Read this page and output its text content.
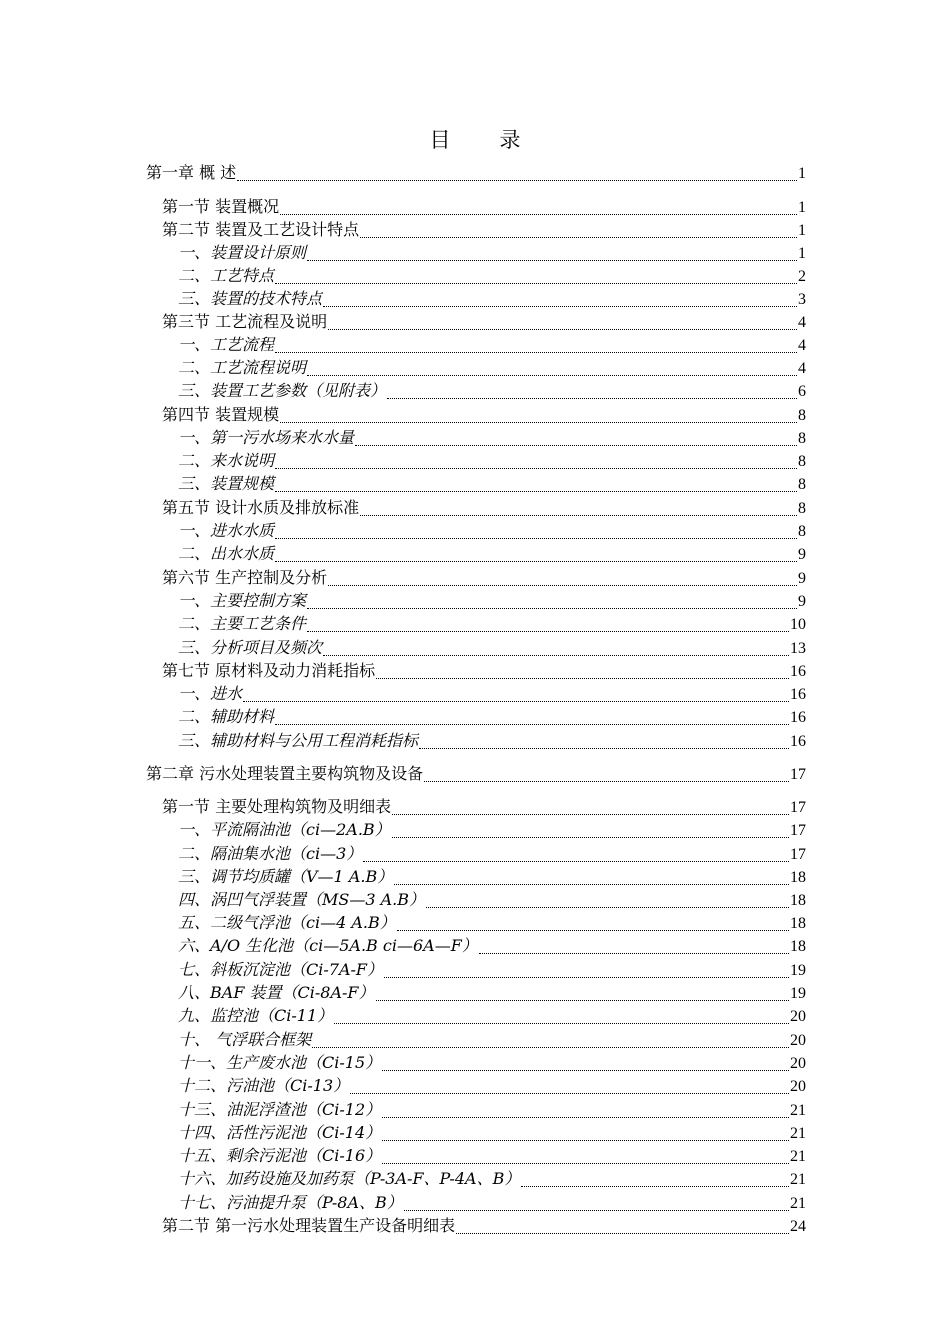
目　录
第一章 概 述	1
第一节 装置概况	1
第二节 装置及工艺设计特点	1
一、装置设计原则	1
二、工艺特点	2
三、装置的技术特点	3
第三节 工艺流程及说明	4
一、工艺流程	4
二、工艺流程说明	4
三、装置工艺参数（见附表）	6
第四节 装置规模	8
一、第一污水场来水水量	8
二、来水说明	8
三、装置规模	8
第五节 设计水质及排放标准	8
一、进水水质	8
二、出水水质	9
第六节 生产控制及分析	9
一、主要控制方案	9
二、主要工艺条件	10
三、分析项目及频次	13
第七节 原材料及动力消耗指标	16
一、进水	16
二、辅助材料	16
三、辅助材料与公用工程消耗指标	16
第二章 污水处理装置主要构筑物及设备	17
第一节 主要处理构筑物及明细表	17
一、平流隔油池（ci—2A.B）	17
二、隔油集水池（ci—3）	17
三、调节均质罐（V—1 A.B）	18
四、涡凹气浮装置（MS—3 A.B）	18
五、二级气浮池（ci—4 A.B）	18
六、A/O 生化池（ci—5A.B ci—6A—F）	18
七、斜板沉淀池（Ci-7A-F）	19
八、BAF 装置（Ci-8A-F）	19
九、监控池（Ci-11）	20
十、 气浮联合框架	20
十一、生产废水池（Ci-15）	20
十二、污油池（Ci-13）	20
十三、油泥浮渣池（Ci-12）	21
十四、活性污泥池（Ci-14）	21
十五、剩余污泥池（Ci-16）	21
十六、加药设施及加药泵（P-3A-F、P-4A、B）	21
十七、污油提升泵（P-8A、B）	21
第二节 第一污水处理装置生产设备明细表	24
